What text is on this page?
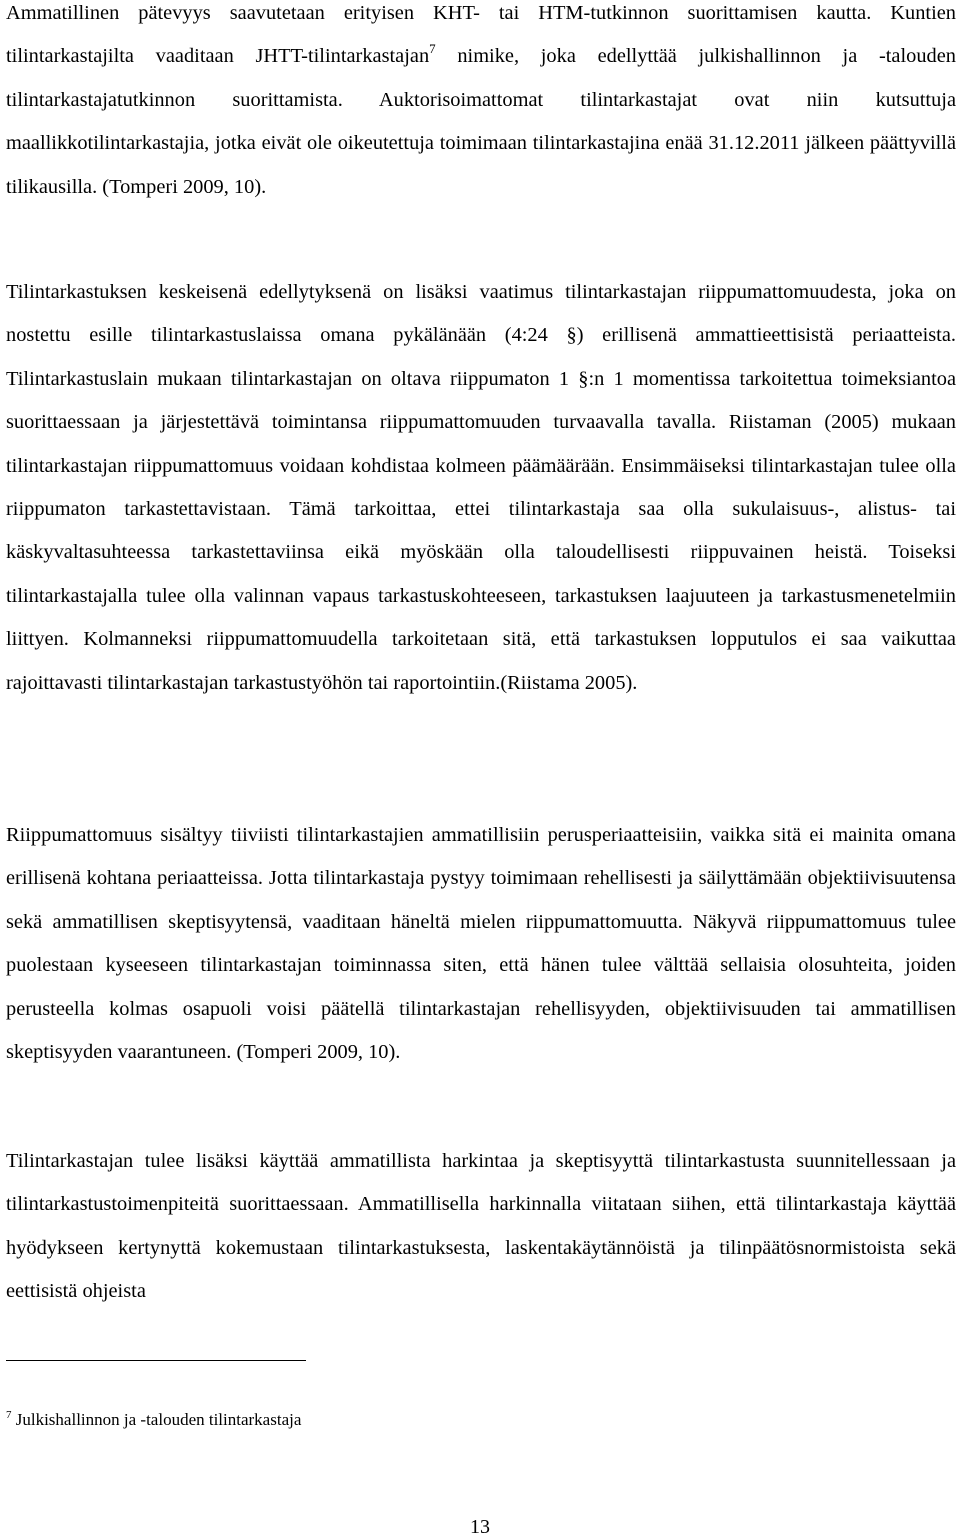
Ammatillinen pätevyys saavutetaan erityisen KHT- tai HTM-tutkinnon suorittamisen kautta. Kuntien tilintarkastajilta vaaditaan JHTT-tilintarkastajan$^7$ nimike, joka edellyttää julkishallinnon ja -talouden tilintarkastajatutkinnon suorittamista. Auktorisoimattomat tilintarkastajat ovat niin kutsuttuja maallikkotilintarkastajia, jotka eivät ole oikeutettuja toimimaan tilintarkastajina enää 31.12.2011 jälkeen päättyvillä tilikausilla. (Tomperi 2009, 10).

Tilintarkastuksen keskeisenä edellytyksenä on lisäksi vaatimus tilintarkastajan riippumattomuudesta, joka on nostettu esille tilintarkastuslaissa omana pykälänään (4:24 §) erillisenä ammattieettisistä periaatteista. Tilintarkastuslain mukaan tilintarkastajan on oltava riippumaton 1 §:n 1 momentissa tarkoitettua toimeksiantoa suorittaessaan ja järjestettävä toimintansa riippumattomuuden turvaavalla tavalla. Riistaman (2005) mukaan tilintarkastajan riippumattomuus voidaan kohdistaa kolmeen päämäärään. Ensimmäiseksi tilintarkastajan tulee olla riippumaton tarkastettavistaan. Tämä tarkoittaa, ettei tilintarkastaja saa olla sukulaisuus-, alistus- tai käskyvaltasuhteessa tarkastettaviinsa eikä myöskään olla taloudellisesti riippuvainen heistä. Toiseksi tilintarkastajalla tulee olla valinnan vapaus tarkastuskohteeseen, tarkastuksen laajuuteen ja tarkastusmenetelmiin liittyen. Kolmanneksi riippumattomuudella tarkoitetaan sitä, että tarkastuksen lopputulos ei saa vaikuttaa rajoittavasti tilintarkastajan tarkastustyöhön tai raportointiin.(Riistama 2005).

Riippumattomuus sisältyy tiiviisti tilintarkastajien ammatillisiin perusperiaatteisiin, vaikka sitä ei mainita omana erillisenä kohtana periaatteissa. Jotta tilintarkastaja pystyy toimimaan rehellisesti ja säilyttämään objektiivisuutensa sekä ammatillisen skeptisyytensä, vaaditaan häneltä mielen riippumattomuutta. Näkyvä riippumattomuus tulee puolestaan kyseeseen tilintarkastajan toiminnassa siten, että hänen tulee välttää sellaisia olosuhteita, joiden perusteella kolmas osapuoli voisi päätellä tilintarkastajan rehellisyyden, objektiivisuuden tai ammatillisen skeptisyyden vaarantuneen. (Tomperi 2009, 10).

Tilintarkastajan tulee lisäksi käyttää ammatillista harkintaa ja skeptisyyttä tilintarkastusta suunnitellessaan ja tilintarkastustoimenpiteitä suorittaessaan. Ammatillisella harkinnalla viitataan siihen, että tilintarkastaja käyttää hyödykseen kertynyttä kokemustaan tilintarkastuksesta, laskentakäytännöistä ja tilinpäätösnormistoista sekä eettisistä ohjeista

$^7$ Julkishallinnon ja -talouden tilintarkastaja
13
